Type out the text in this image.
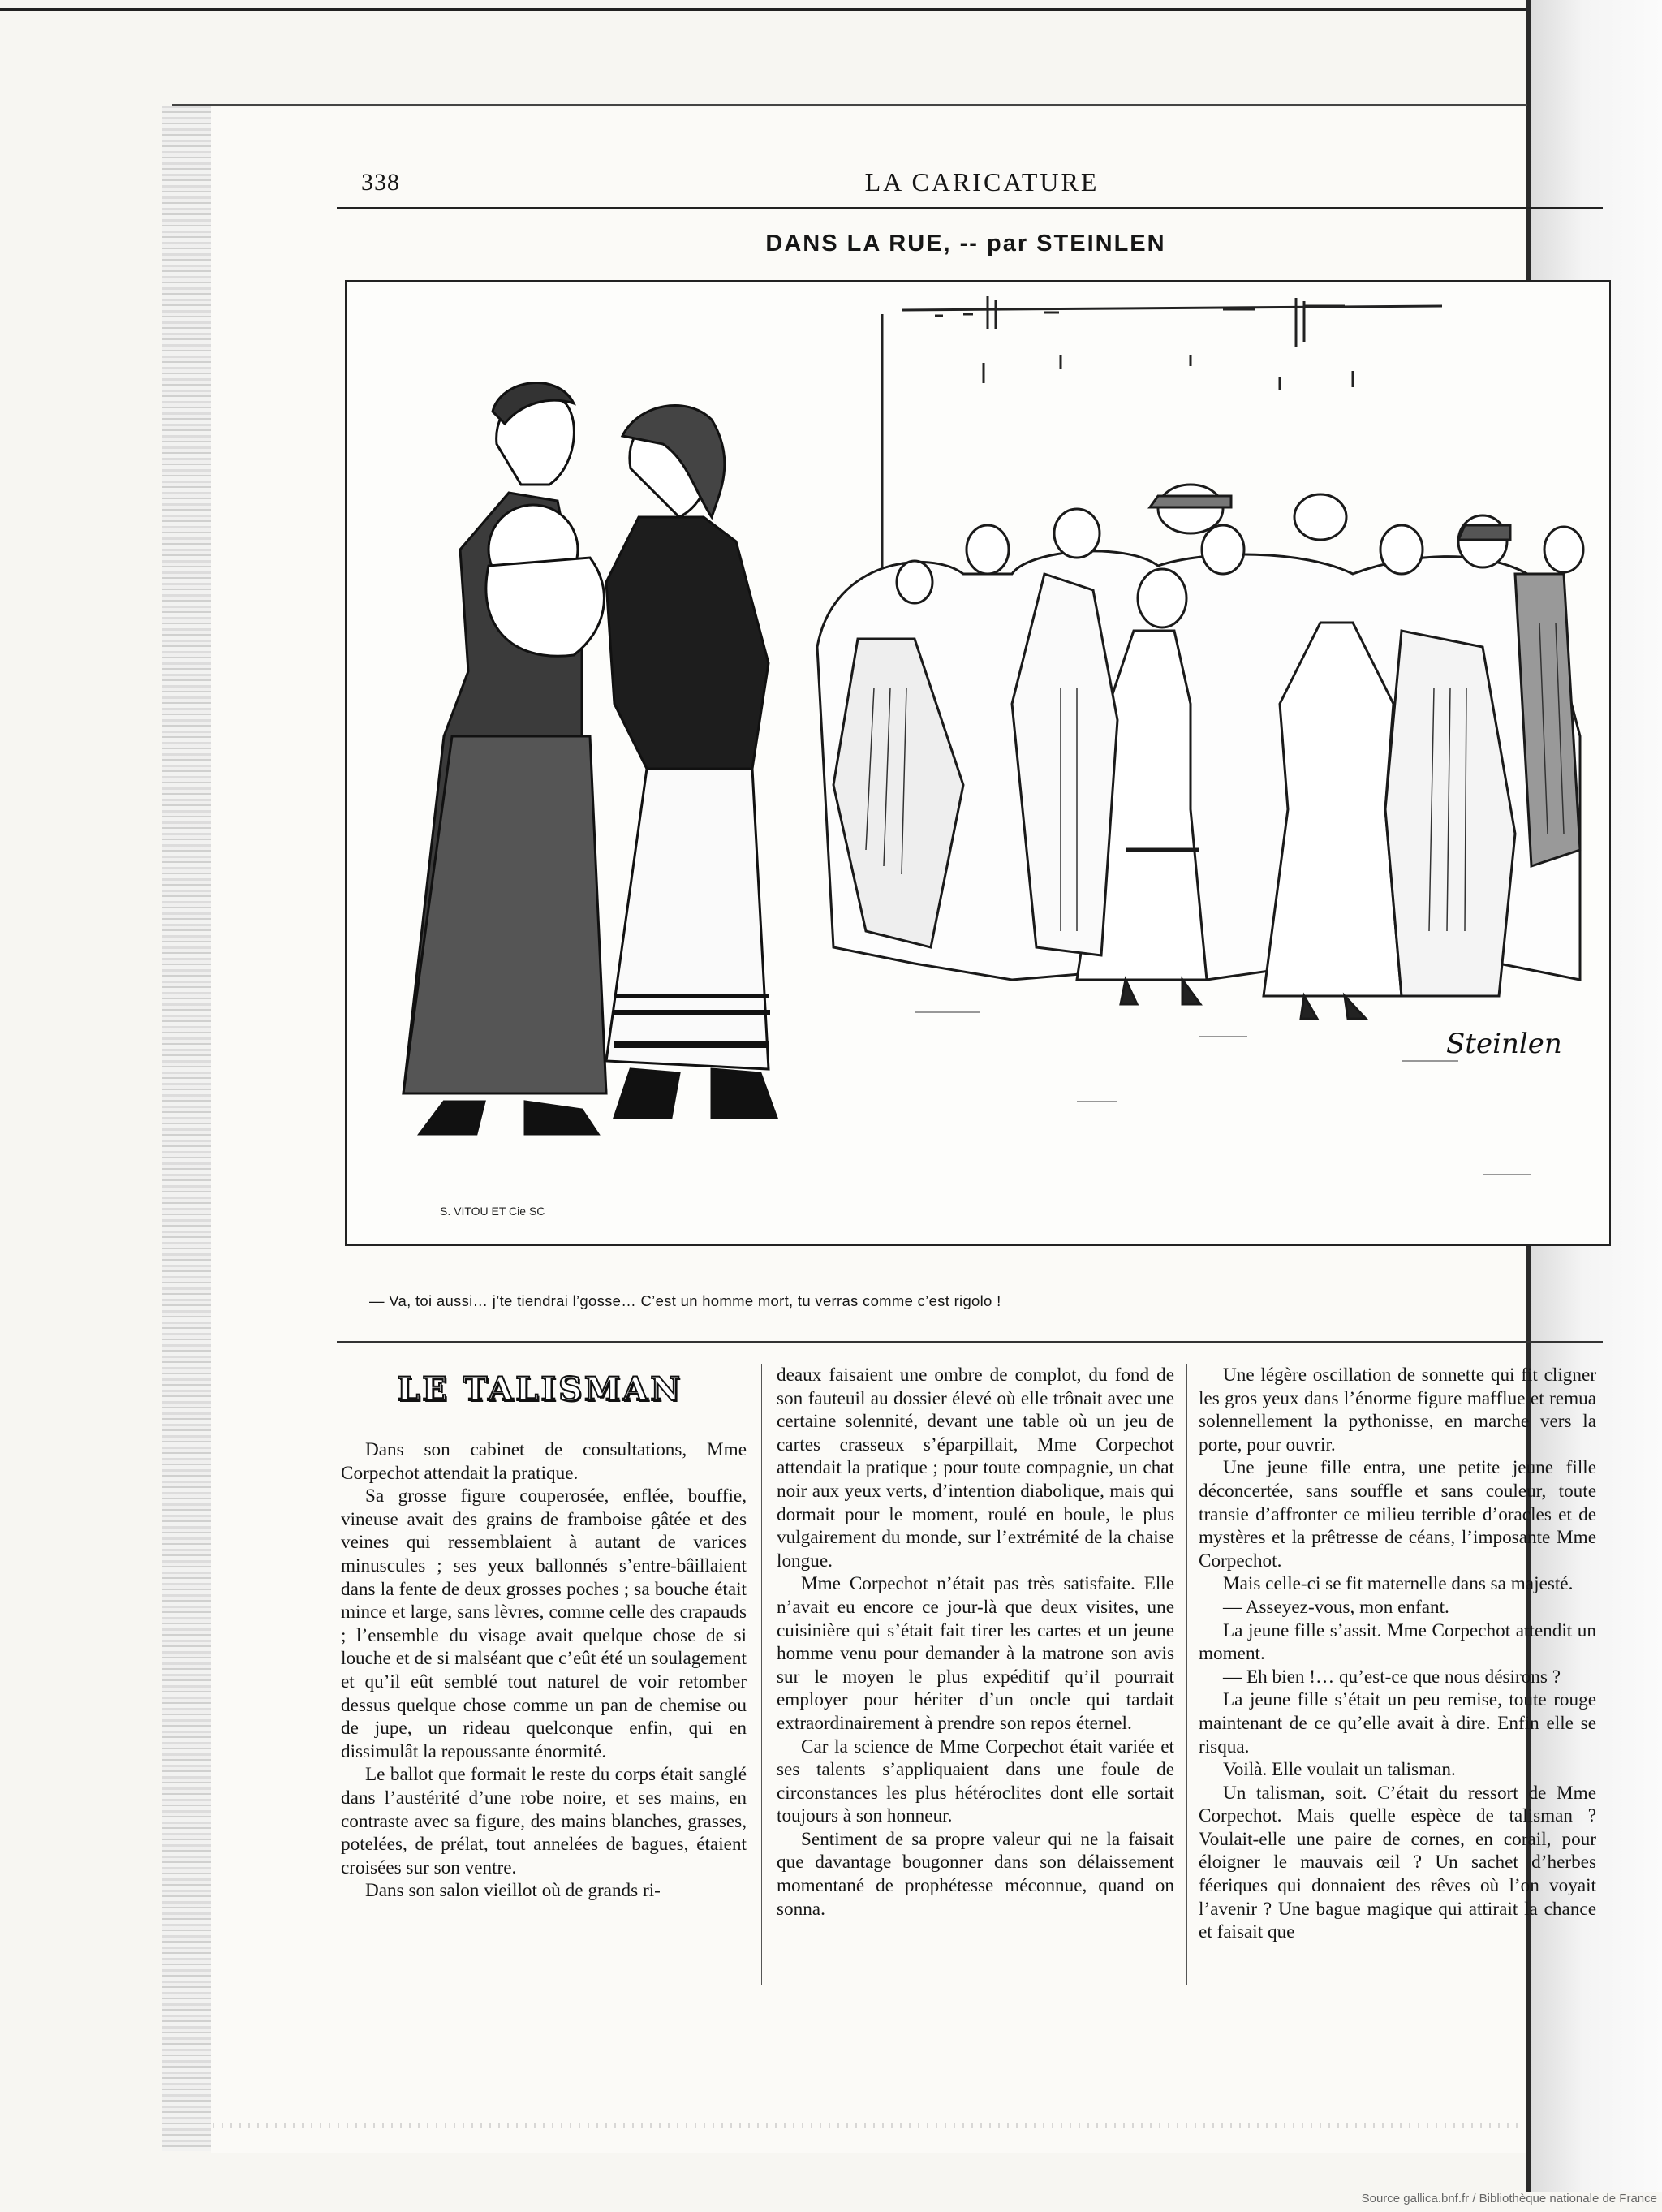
338	LA CARICATURE
DANS LA RUE, -- par STEINLEN
Steinlen
S. VITOU ET Cie SC
— Va, toi aussi… j’te tiendrai l’gosse… C’est un homme mort, tu verras comme c’est rigolo !
LE TALISMAN

Dans son cabinet de consultations, Mme Corpechot attendait la pratique.

Sa grosse figure couperosée, enflée, bouffie, vineuse avait des grains de framboise gâtée et des veines qui ressemblaient à autant de varices minuscules ; ses yeux ballonnés s’entre-bâillaient dans la fente de deux grosses poches ; sa bouche était mince et large, sans lèvres, comme celle des crapauds ; l’ensemble du visage avait quelque chose de si louche et de si malséant que c’eût été un soulagement et qu’il eût semblé tout naturel de voir retomber dessus quelque chose comme un pan de chemise ou de jupe, un rideau quelconque enfin, qui en dissimulât la repoussante énormité.

Le ballot que formait le reste du corps était sanglé dans l’austérité d’une robe noire, et ses mains, en contraste avec sa figure, des mains blanches, grasses, potelées, de prélat, tout annelées de bagues, étaient croisées sur son ventre.

Dans son salon vieillot où de grands ri-

deaux faisaient une ombre de complot, du fond de son fauteuil au dossier élevé où elle trônait avec une certaine solennité, devant une table où un jeu de cartes crasseux s’éparpillait, Mme Corpechot attendait la pratique ; pour toute compagnie, un chat noir aux yeux verts, d’intention diabolique, mais qui dormait pour le moment, roulé en boule, le plus vulgairement du monde, sur l’extrémité de la chaise longue.

Mme Corpechot n’était pas très satisfaite. Elle n’avait eu encore ce jour-là que deux visites, une cuisinière qui s’était fait tirer les cartes et un jeune homme venu pour demander à la matrone son avis sur le moyen le plus expéditif qu’il pourrait employer pour hériter d’un oncle qui tardait extraordinairement à prendre son repos éternel.

Car la science de Mme Corpechot était variée et ses talents s’appliquaient dans une foule de circonstances les plus hétéroclites dont elle sortait toujours à son honneur.

Sentiment de sa propre valeur qui ne la faisait que davantage bougonner dans son délaissement momentané de prophétesse méconnue, quand on sonna.

Une légère oscillation de sonnette qui fit cligner les gros yeux dans l’énorme figure mafflue et remua solennellement la pythonisse, en marche vers la porte, pour ouvrir.

Une jeune fille entra, une petite jeune fille déconcertée, sans souffle et sans couleur, toute transie d’affronter ce milieu terrible d’oracles et de mystères et la prêtresse de céans, l’imposante Mme Corpechot.

Mais celle-ci se fit maternelle dans sa majesté.

— Asseyez-vous, mon enfant.

La jeune fille s’assit. Mme Corpechot attendit un moment.

— Eh bien !… qu’est-ce que nous désirons ?

La jeune fille s’était un peu remise, toute rouge maintenant de ce qu’elle avait à dire. Enfin elle se risqua.

Voilà. Elle voulait un talisman.

Un talisman, soit. C’était du ressort de Mme Corpechot. Mais quelle espèce de talisman ? Voulait-elle une paire de cornes, en corail, pour éloigner le mauvais œil ? Un sachet d’herbes féeriques qui donnaient des rêves où l’on voyait l’avenir ? Une bague magique qui attirait la chance et faisait que

Source gallica.bnf.fr / Bibliothèque nationale de France
